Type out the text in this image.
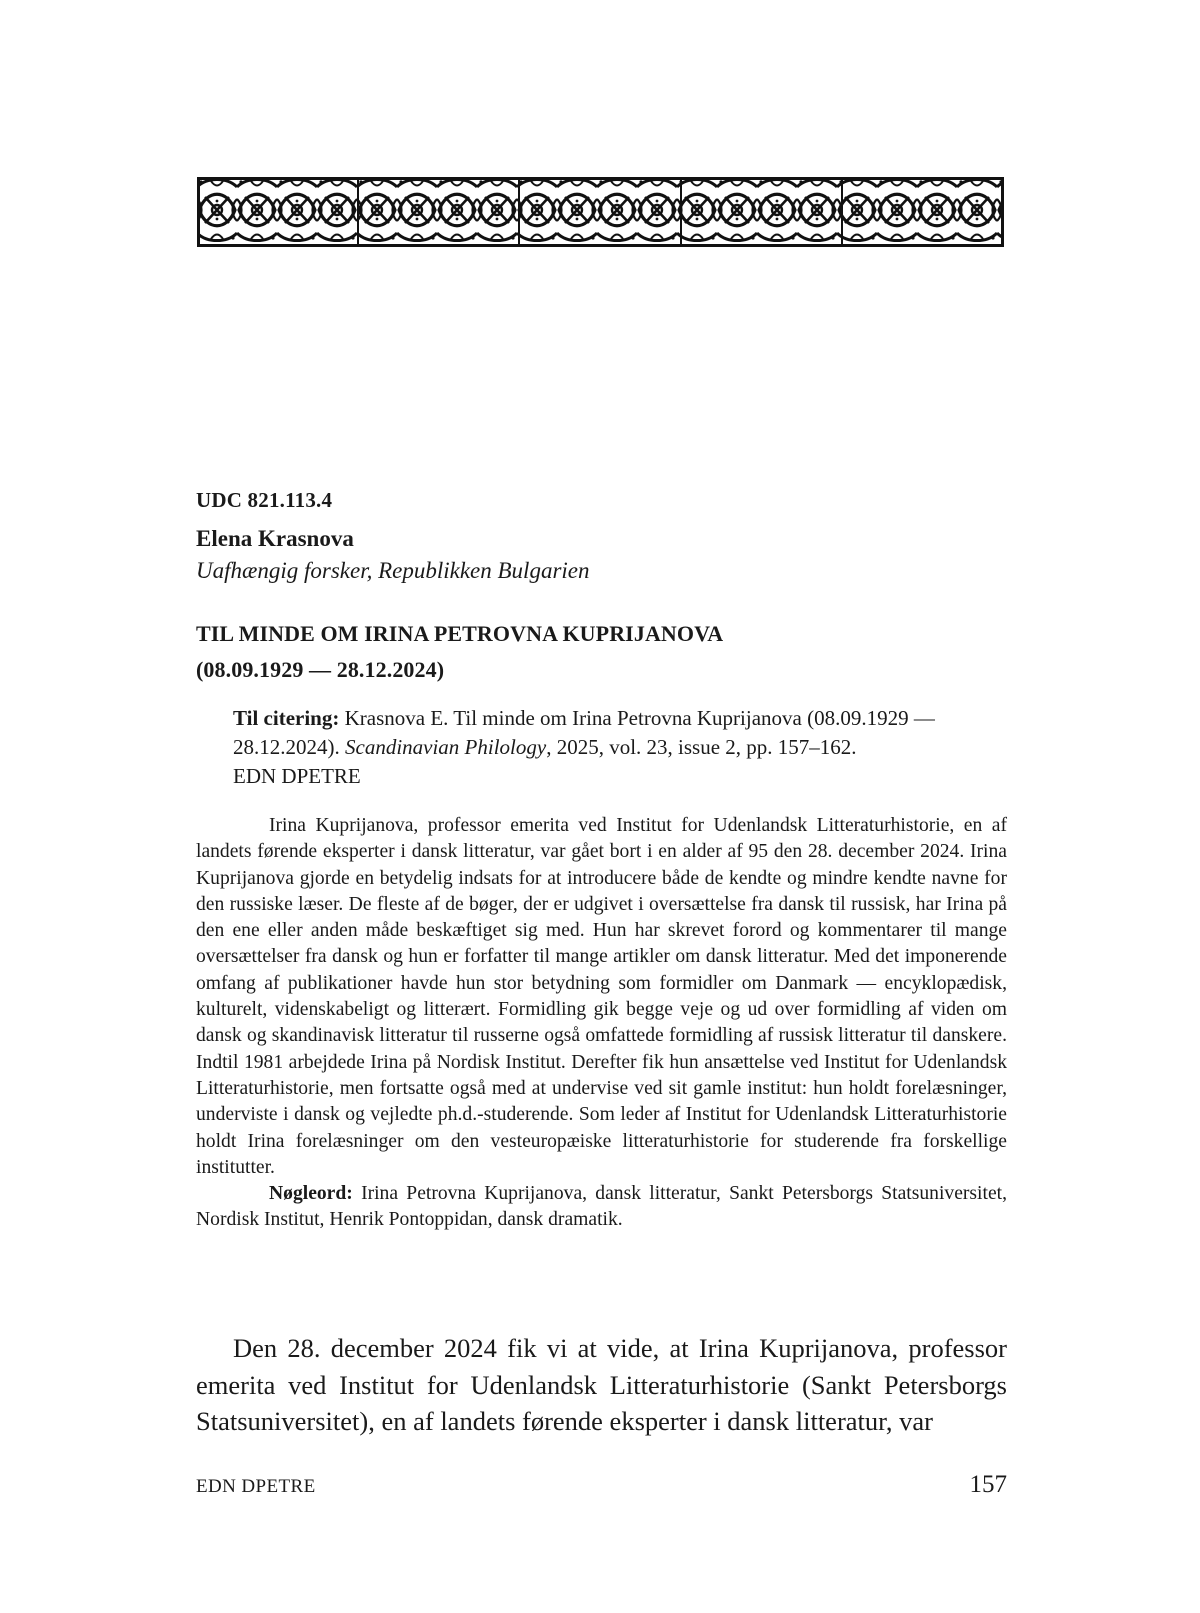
UDC 821.113.4
Elena Krasnova
Uafhængig forsker, Republikken Bulgarien
TIL MINDE OM IRINA PETROVNA KUPRIJANOVA
(08.09.1929 — 28.12.2024)
Til citering: Krasnova E. Til minde om Irina Petrovna Kuprijanova (08.09.1929 — 28.12.2024). Scandinavian Philology, 2025, vol. 23, issue 2, pp. 157–162.
EDN DPETRE

Irina Kuprijanova, professor emerita ved Institut for Udenlandsk Litteraturhistorie, en af landets førende eksperter i dansk litteratur, var gået bort i en alder af 95 den 28. december 2024. Irina Kuprijanova gjorde en betydelig indsats for at introducere både de kendte og mindre kendte navne for den russiske læser. De fleste af de bøger, der er udgivet i oversættelse fra dansk til russisk, har Irina på den ene eller anden måde beskæftiget sig med. Hun har skrevet forord og kommentarer til mange oversættelser fra dansk og hun er forfatter til mange artikler om dansk litteratur. Med det imponerende omfang af publikationer havde hun stor betydning som formidler om Danmark — encyklopædisk, kulturelt, videnskabeligt og litterært. Formidling gik begge veje og ud over formidling af viden om dansk og skandinavisk litteratur til russerne også omfattede formidling af russisk litteratur til danskere. Indtil 1981 arbejdede Irina på Nordisk Institut. Derefter fik hun ansættelse ved Institut for Udenlandsk Litteraturhistorie, men fortsatte også med at undervise ved sit gamle institut: hun holdt forelæsninger, underviste i dansk og vejledte ph.d.-studerende. Som leder af Institut for Udenlandsk Litteraturhistorie holdt Irina forelæsninger om den vesteuropæiske litteraturhistorie for studerende fra forskellige institutter.

Nøgleord: Irina Petrovna Kuprijanova, dansk litteratur, Sankt Petersborgs Statsuniversitet, Nordisk Institut, Henrik Pontoppidan, dansk dramatik.

Den 28. december 2024 fik vi at vide, at Irina Kuprijanova, professor emerita ved Institut for Udenlandsk Litteraturhistorie (Sankt Petersborgs Statsuniversitet), en af landets førende eksperter i dansk litteratur, var

EDN DPETRE	157
